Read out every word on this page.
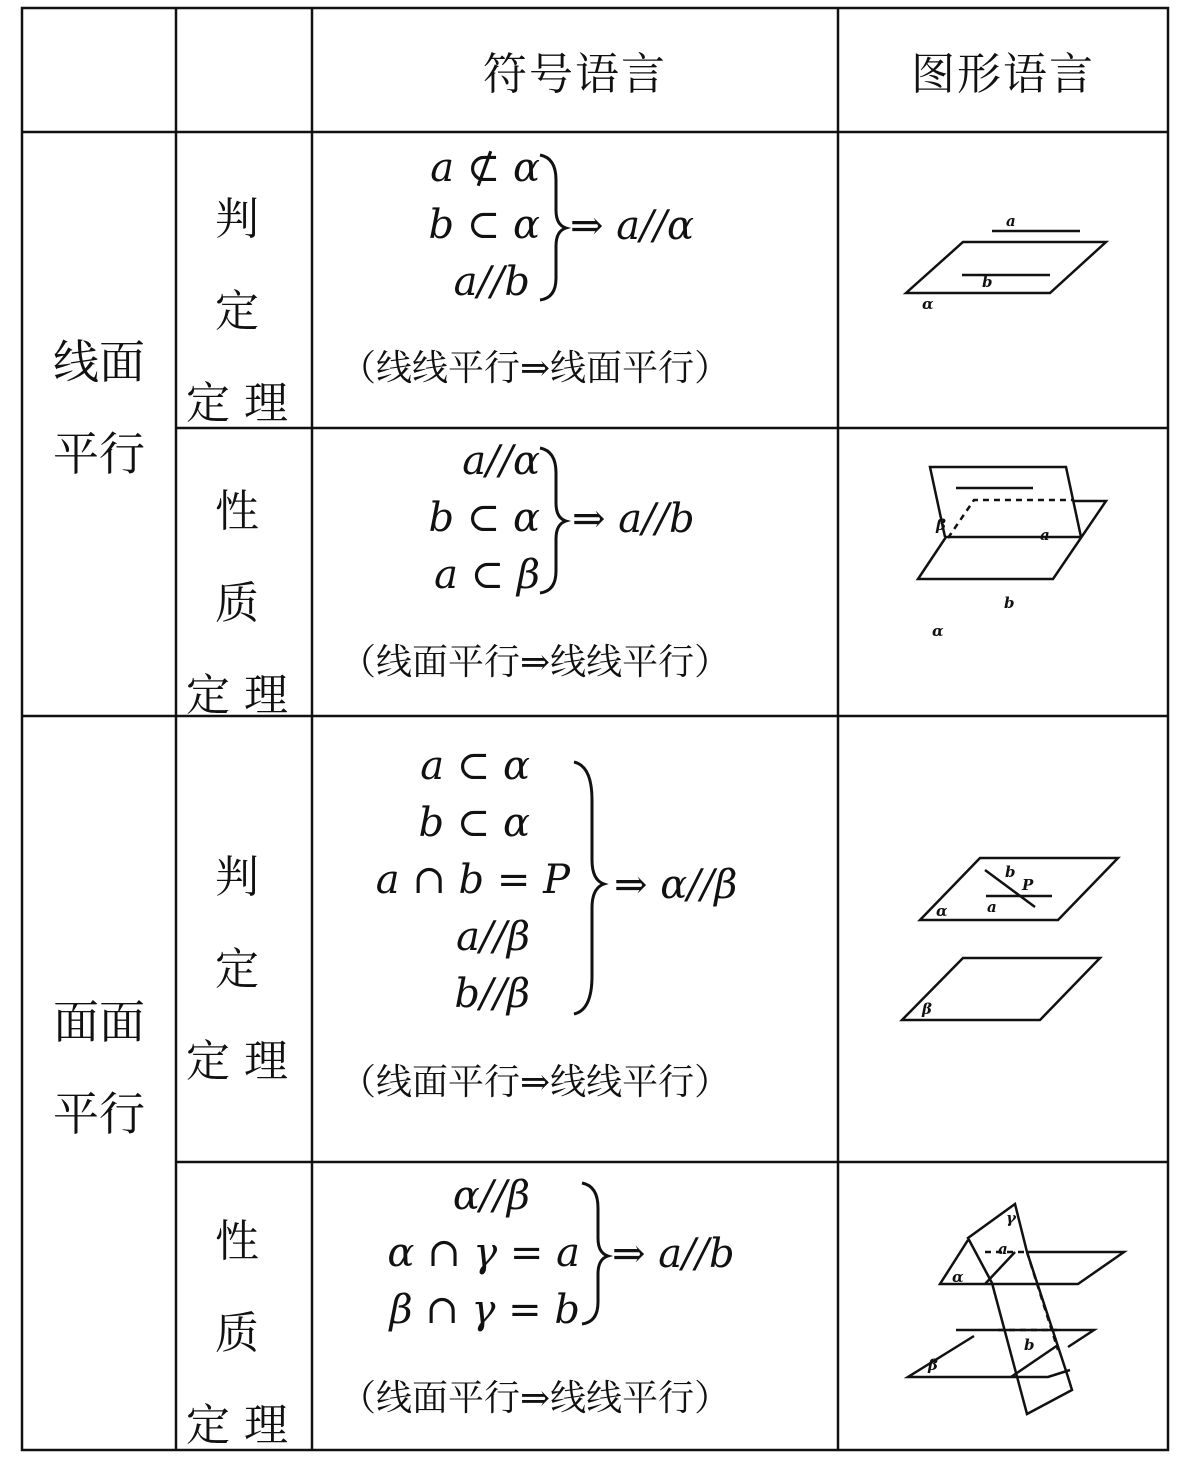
符号语言	图形语言
线面
平行
面面
平行
判 定
定理
性 质
定理
判 定
定理
性 质
定理
a ⊄ α
b ⊂ α
a//b
⇒ a//α
（线线平行⇒线面平行）
a//α
b ⊂ α
a ⊂ β
⇒ a//b
（线面平行⇒线线平行）
a ⊂ α
b ⊂ α
a ∩ b = P
a//β
b//β
⇒ α//β
（线面平行⇒线线平行）
α//β
α ∩ γ = a
β ∩ γ = b
⇒ a//b
（线面平行⇒线线平行）
a
b
α
β
a
b
α
α	a
b
P
β
γ
a
α
b
β
